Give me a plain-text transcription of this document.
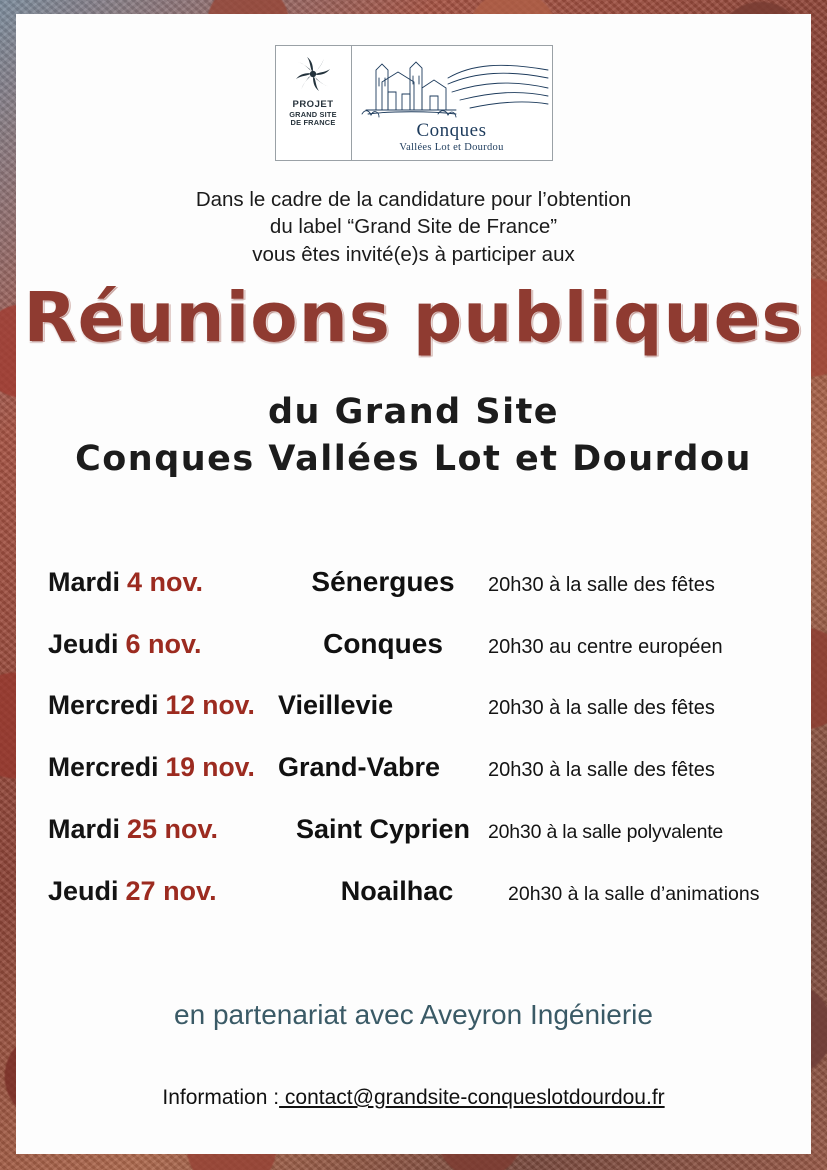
PROJET
GRAND SITE
DE FRANCE	Conques
Vallées Lot et Dourdou
Dans le cadre de la candidature pour l’obtention
du label “Grand Site de France”
vous êtes invité(e)s à participer aux
Réunions publiques
du Grand Site
Conques Vallées Lot et Dourdou
Mardi 4 nov.	Sénergues	20h30 à la salle des fêtes
Jeudi 6 nov.	Conques	20h30 au centre européen
Mercredi 12 nov. Vieillevie	20h30 à la salle des fêtes
Mercredi 19 nov. Grand-Vabre	20h30 à la salle des fêtes
Mardi 25 nov.	Saint Cyprien 20h30 à la salle polyvalente
Jeudi 27 nov.	Noailhac	20h30 à la salle d’animations
en partenariat avec Aveyron Ingénierie
Information : contact@grandsite-conqueslotdourdou.fr
